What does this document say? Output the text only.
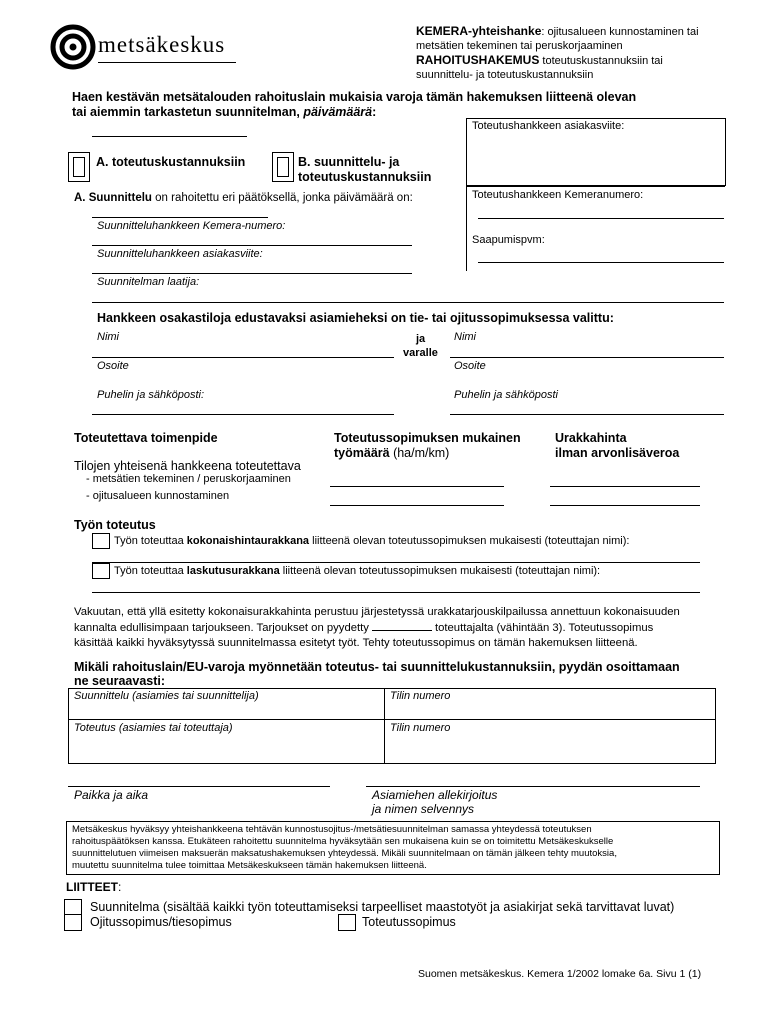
metsäkeskus
KEMERA-yhteishanke: ojitusalueen kunnostaminen tai
metsätien tekeminen tai peruskorjaaminen
RAHOITUSHAKEMUS toteutuskustannuksiin tai
suunnittelu- ja toteutuskustannuksiin
Haen kestävän metsätalouden rahoituslain mukaisia varoja tämän hakemuksen liitteenä olevan
tai aiemmin tarkastetun suunnitelman, päivämäärä:
Toteutushankkeen asiakasviite:
Toteutushankkeen Kemeranumero:
Saapumispvm:
A. toteutuskustannuksiin	B. suunnittelu- ja
toteutuskustannuksiin
A. Suunnittelu on rahoitettu eri päätöksellä, jonka päivämäärä on:
Suunnitteluhankkeen Kemera-numero:
Suunnitteluhankkeen asiakasviite:
Suunnitelman laatija:
Hankkeen osakastiloja edustavaksi asiamieheksi on tie- tai ojitussopimuksessa valittu:
Nimi
Osoite
Puhelin ja sähköposti:
ja
varalle
Nimi
Osoite
Puhelin ja sähköposti
Toteutettava toimenpide	Toteutussopimuksen mukainen
työmäärä (ha/m/km)
Urakkahinta
ilman arvonlisäveroa
Tilojen yhteisenä hankkeena toteutettava
- metsätien tekeminen / peruskorjaaminen
- ojitusalueen kunnostaminen
Työn toteutus
Työn toteuttaa kokonaishintaurakkana liitteenä olevan toteutussopimuksen mukaisesti (toteuttajan nimi):
Työn toteuttaa laskutusurakkana liitteenä olevan toteutussopimuksen mukaisesti (toteuttajan nimi):
Vakuutan, että yllä esitetty kokonaisurakkahinta perustuu järjestetyssä urakkatarjouskilpailussa annettuun kokonaisuuden
kannalta edullisimpaan tarjoukseen. Tarjoukset on pyydetty	toteuttajalta (vähintään 3). Toteutussopimus
käsittää kaikki hyväksytyssä suunnitelmassa esitetyt työt. Tehty toteutussopimus on tämän hakemuksen liitteenä.
Mikäli rahoituslain/EU-varoja myönnetään toteutus- tai suunnittelukustannuksiin, pyydän osoittamaan
ne seuraavasti:
Suunnittelu (asiamies tai suunnittelija)	Tilin numero
Toteutus (asiamies tai toteuttaja)	Tilin numero
Paikka ja aika	Asiamiehen allekirjoitus
ja nimen selvennys
Metsäkeskus hyväksyy yhteishankkeena tehtävän kunnostusojitus-/metsätiesuunnitelman samassa yhteydessä toteutuksen
rahoituspäätöksen kanssa. Etukäteen rahoitettu suunnitelma hyväksytään sen mukaisena kuin se on toimitettu Metsäkeskukselle
suunnittelutuen viimeisen maksuerän maksatushakemuksen yhteydessä. Mikäli suunnitelmaan on tämän jälkeen tehty muutoksia,
muutettu suunnitelma tulee toimittaa Metsäkeskukseen tämän hakemuksen liitteenä.
LIITTEET:
Suunnitelma (sisältää kaikki työn toteuttamiseksi tarpeelliset maastotyöt ja asiakirjat sekä tarvittavat luvat)
Ojitussopimus/tiesopimus	Toteutussopimus
Suomen metsäkeskus. Kemera 1/2002 lomake 6a. Sivu 1 (1)
